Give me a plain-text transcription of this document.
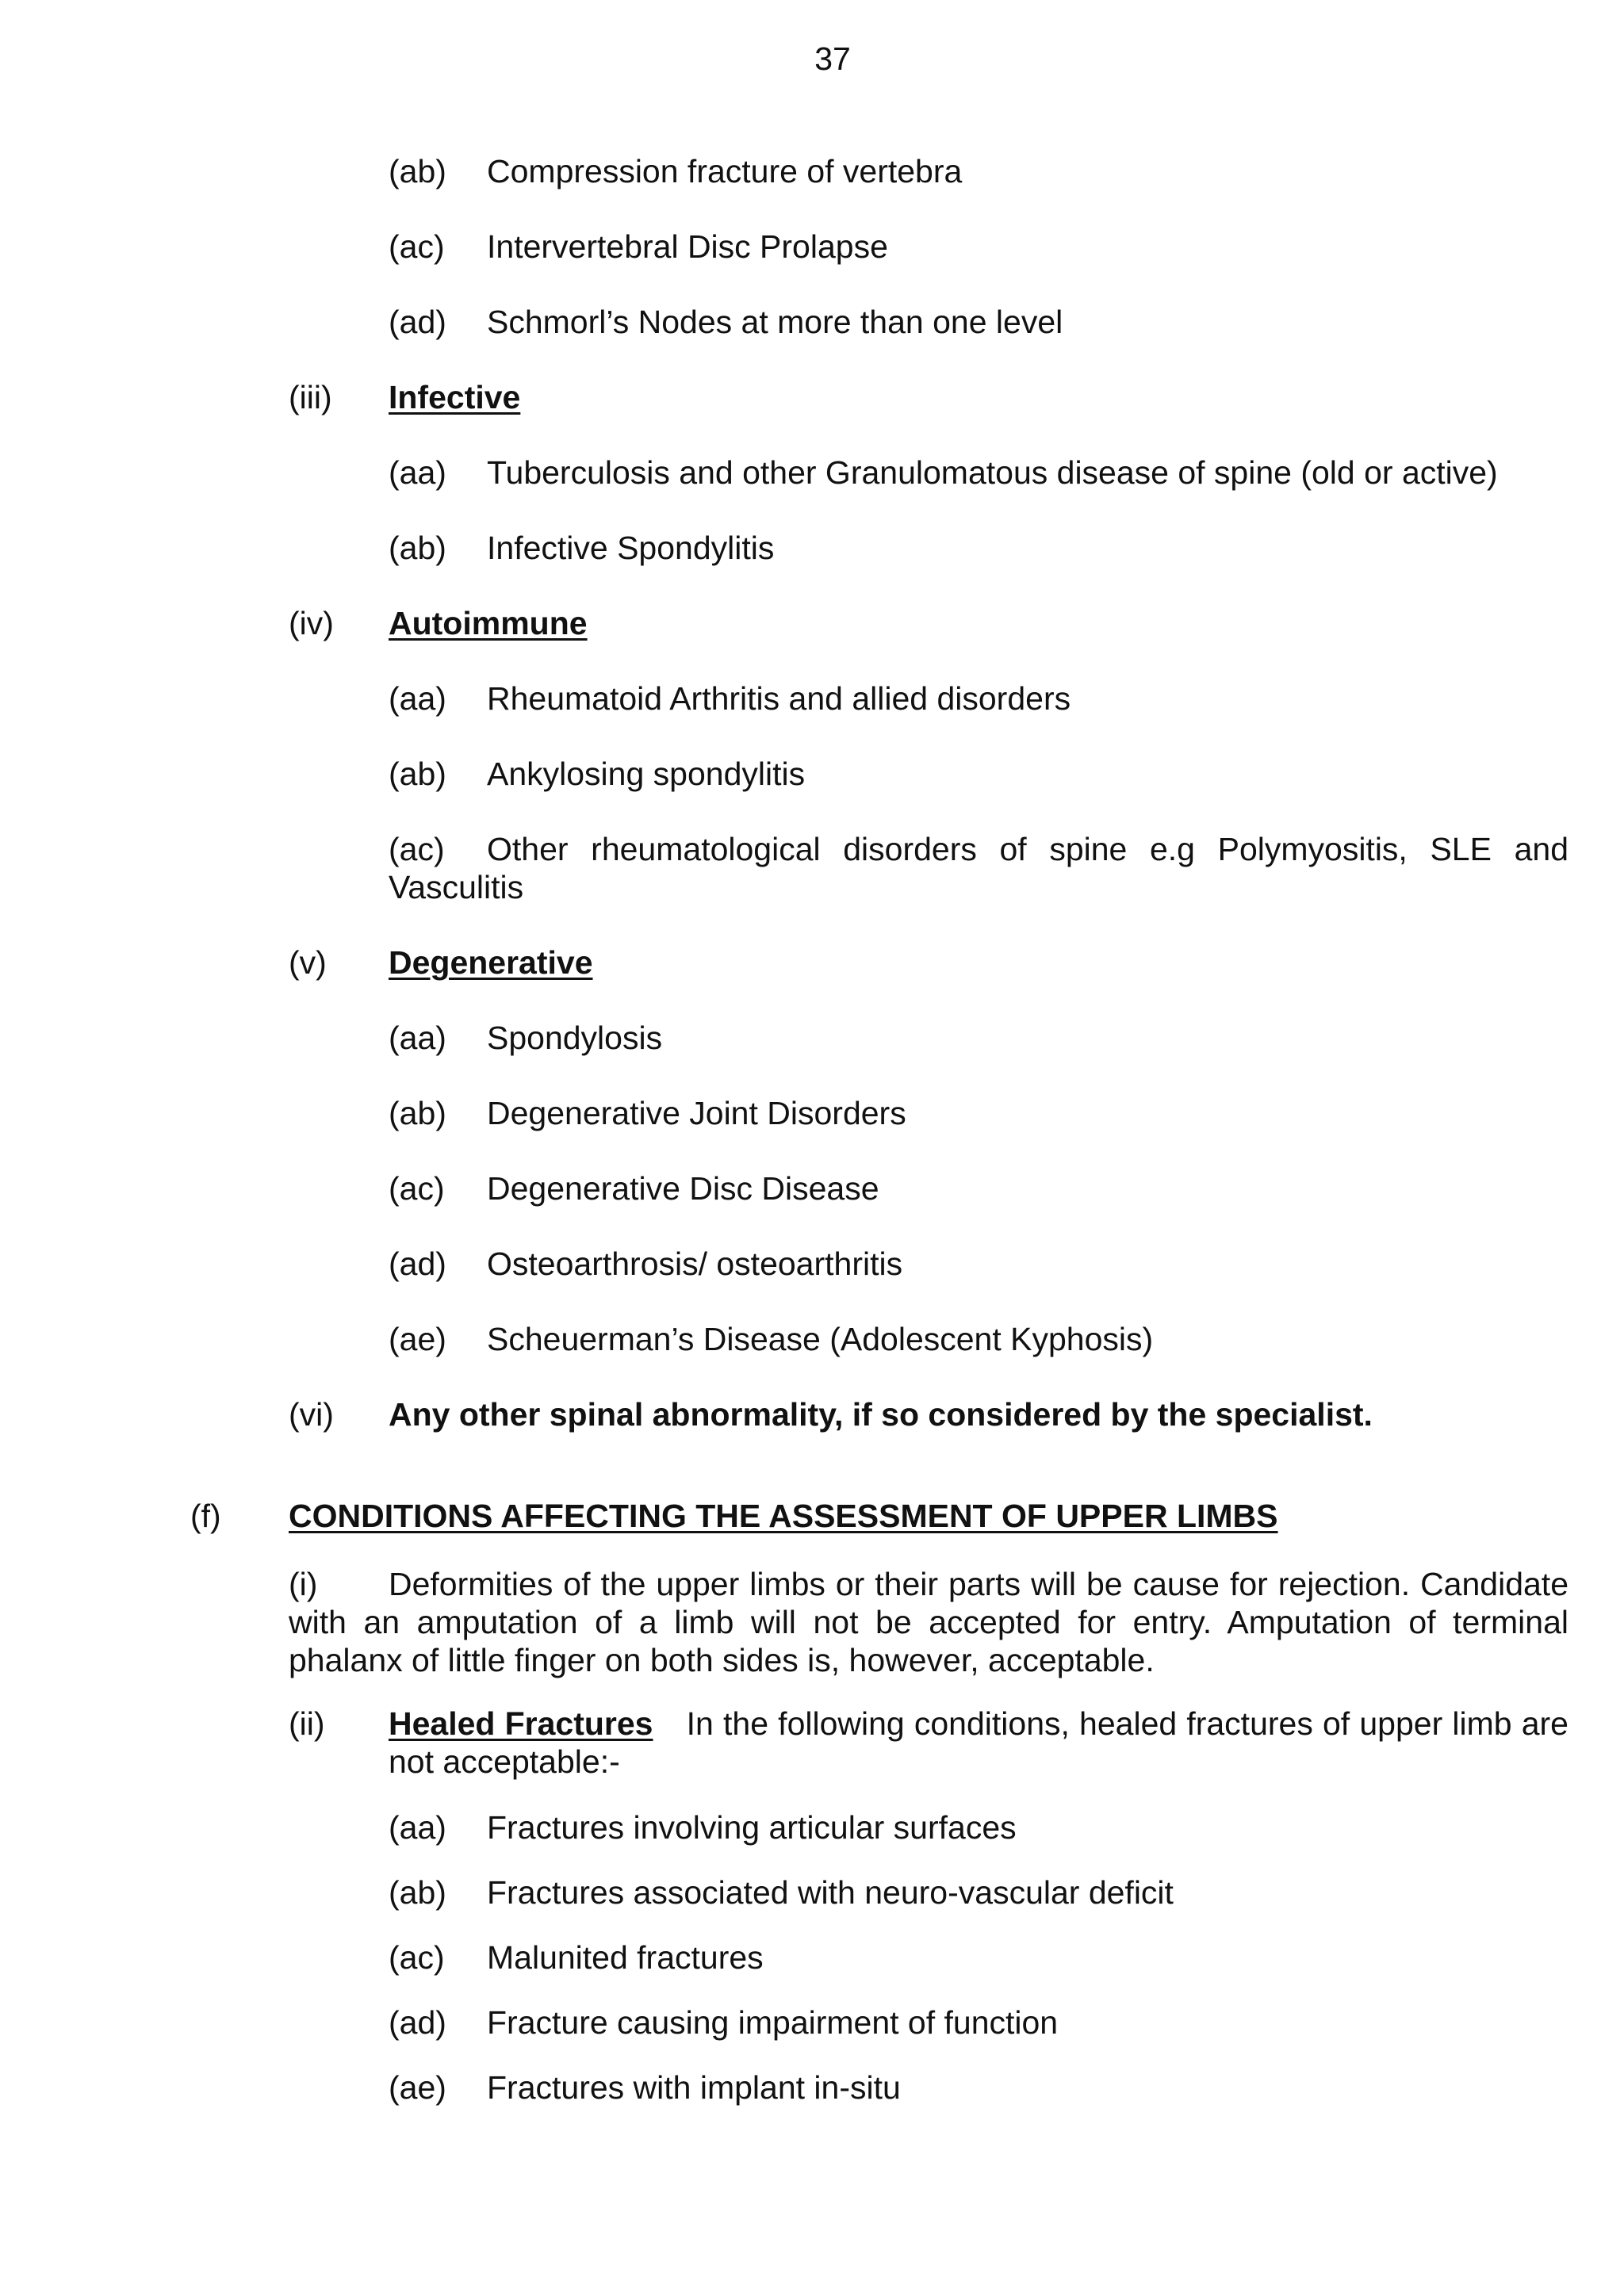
37
(ab) Compression fracture of vertebra
(ac) Intervertebral Disc Prolapse
(ad) Schmorl’s Nodes at more than one level
(iii) Infective
(aa) Tuberculosis and other Granulomatous disease of spine (old or active)
(ab) Infective Spondylitis
(iv) Autoimmune
(aa) Rheumatoid Arthritis and allied disorders
(ab) Ankylosing spondylitis
(ac) Other rheumatological disorders of spine e.g Polymyositis, SLE and Vasculitis
(v) Degenerative
(aa) Spondylosis
(ab) Degenerative Joint Disorders
(ac) Degenerative Disc Disease
(ad) Osteoarthrosis/ osteoarthritis
(ae) Scheuerman’s Disease (Adolescent Kyphosis)
(vi) Any other spinal abnormality, if so considered by the specialist.
(f) CONDITIONS AFFECTING THE ASSESSMENT OF UPPER LIMBS
(i) Deformities of the upper limbs or their parts will be cause for rejection. Candidate with an amputation of a limb will not be accepted for entry. Amputation of terminal phalanx of little finger on both sides is, however, acceptable.
(ii) Healed Fractures In the following conditions, healed fractures of upper limb are not acceptable:-
(aa) Fractures involving articular surfaces
(ab) Fractures associated with neuro-vascular deficit
(ac) Malunited fractures
(ad) Fracture causing impairment of function
(ae) Fractures with implant in-situ
